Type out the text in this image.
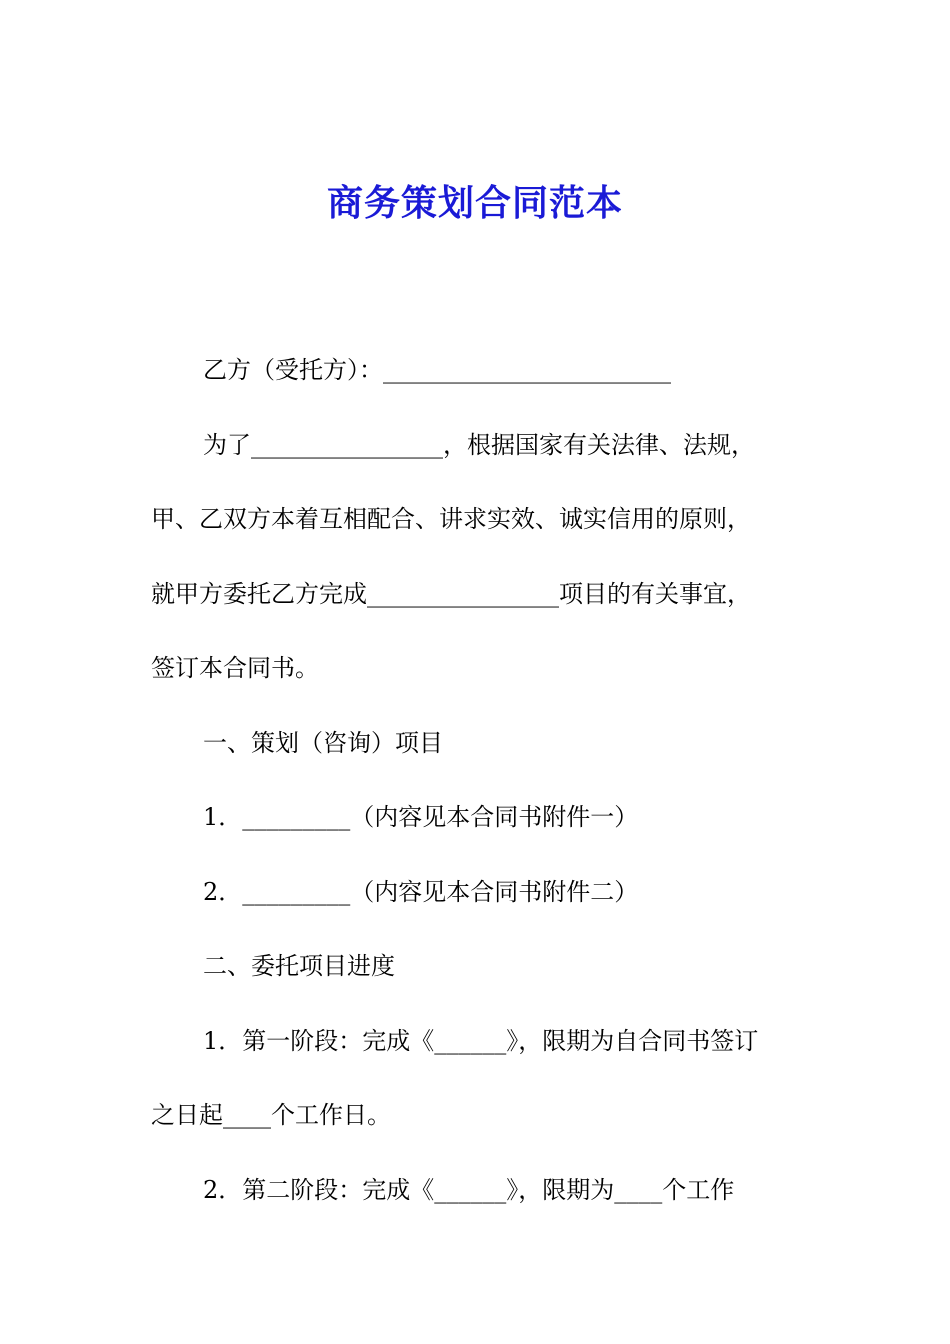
商务策划合同范本
乙方（受托方）：________________________
为了________________，根据国家有关法律、法规，
甲、乙双方本着互相配合、讲求实效、诚实信用的原则，
就甲方委托乙方完成________________项目的有关事宜，
签订本合同书。
一、策划（咨询）项目
1．_________（内容见本合同书附件一）
2．_________（内容见本合同书附件二）
二、委托项目进度
1．第一阶段：完成《______》，限期为自合同书签订
之日起____个工作日。
2．第二阶段：完成《______》，限期为____个工作
